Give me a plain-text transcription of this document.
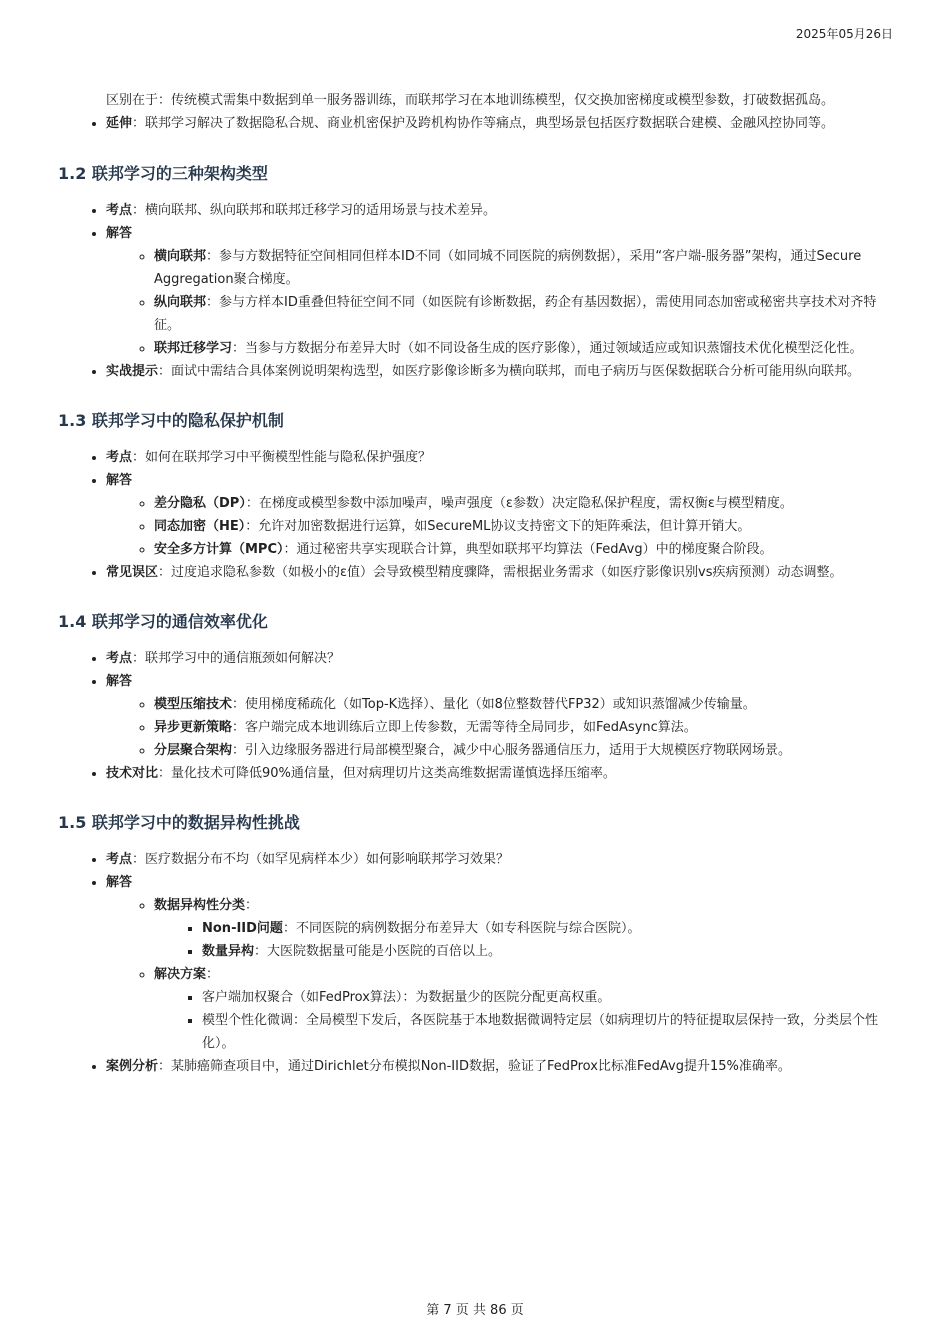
2025年05月26日
区别在于：传统模式需集中数据到单一服务器训练，而联邦学习在本地训练模型，仅交换加密梯度或模型参数，打破数据孤岛。
• 延伸：联邦学习解决了数据隐私合规、商业机密保护及跨机构协作等痛点，典型场景包括医疗数据联合建模、金融风控协同等。
1.2 联邦学习的三种架构类型
• 考点：横向联邦、纵向联邦和联邦迁移学习的适用场景与技术差异。
• 解答
◦ 横向联邦：参与方数据特征空间相同但样本ID不同（如同城不同医院的病例数据），采用“客户端-服务器”架构，通过Secure Aggregation聚合梯度。
◦ 纵向联邦：参与方样本ID重叠但特征空间不同（如医院有诊断数据，药企有基因数据），需使用同态加密或秘密共享技术对齐特征。
◦ 联邦迁移学习：当参与方数据分布差异大时（如不同设备生成的医疗影像），通过领域适应或知识蒸馏技术优化模型泛化性。
• 实战提示：面试中需结合具体案例说明架构选型，如医疗影像诊断多为横向联邦，而电子病历与医保数据联合分析可能用纵向联邦。
1.3 联邦学习中的隐私保护机制
• 考点：如何在联邦学习中平衡模型性能与隐私保护强度？
• 解答
◦ 差分隐私（DP）：在梯度或模型参数中添加噪声，噪声强度（ε参数）决定隐私保护程度，需权衡ε与模型精度。
◦ 同态加密（HE）：允许对加密数据进行运算，如SecureML协议支持密文下的矩阵乘法，但计算开销大。
◦ 安全多方计算（MPC）：通过秘密共享实现联合计算，典型如联邦平均算法（FedAvg）中的梯度聚合阶段。
• 常见误区：过度追求隐私参数（如极小的ε值）会导致模型精度骤降，需根据业务需求（如医疗影像识别vs疾病预测）动态调整。
1.4 联邦学习的通信效率优化
• 考点：联邦学习中的通信瓶颈如何解决？
• 解答
◦ 模型压缩技术：使用梯度稀疏化（如Top-K选择）、量化（如8位整数替代FP32）或知识蒸馏减少传输量。
◦ 异步更新策略：客户端完成本地训练后立即上传参数，无需等待全局同步，如FedAsync算法。
◦ 分层聚合架构：引入边缘服务器进行局部模型聚合，减少中心服务器通信压力，适用于大规模医疗物联网场景。
• 技术对比：量化技术可降低90%通信量，但对病理切片这类高维数据需谨慎选择压缩率。
1.5 联邦学习中的数据异构性挑战
• 考点：医疗数据分布不均（如罕见病样本少）如何影响联邦学习效果？
• 解答
◦ 数据异构性分类：
▪ Non-IID问题：不同医院的病例数据分布差异大（如专科医院与综合医院）。
▪ 数量异构：大医院数据量可能是小医院的百倍以上。
◦ 解决方案：
▪ 客户端加权聚合（如FedProx算法）：为数据量少的医院分配更高权重。
▪ 模型个性化微调：全局模型下发后，各医院基于本地数据微调特定层（如病理切片的特征提取层保持一致，分类层个性化）。
• 案例分析：某肺癌筛查项目中，通过Dirichlet分布模拟Non-IID数据，验证了FedProx比标准FedAvg提升15%准确率。
第 7 页 共 86 页
